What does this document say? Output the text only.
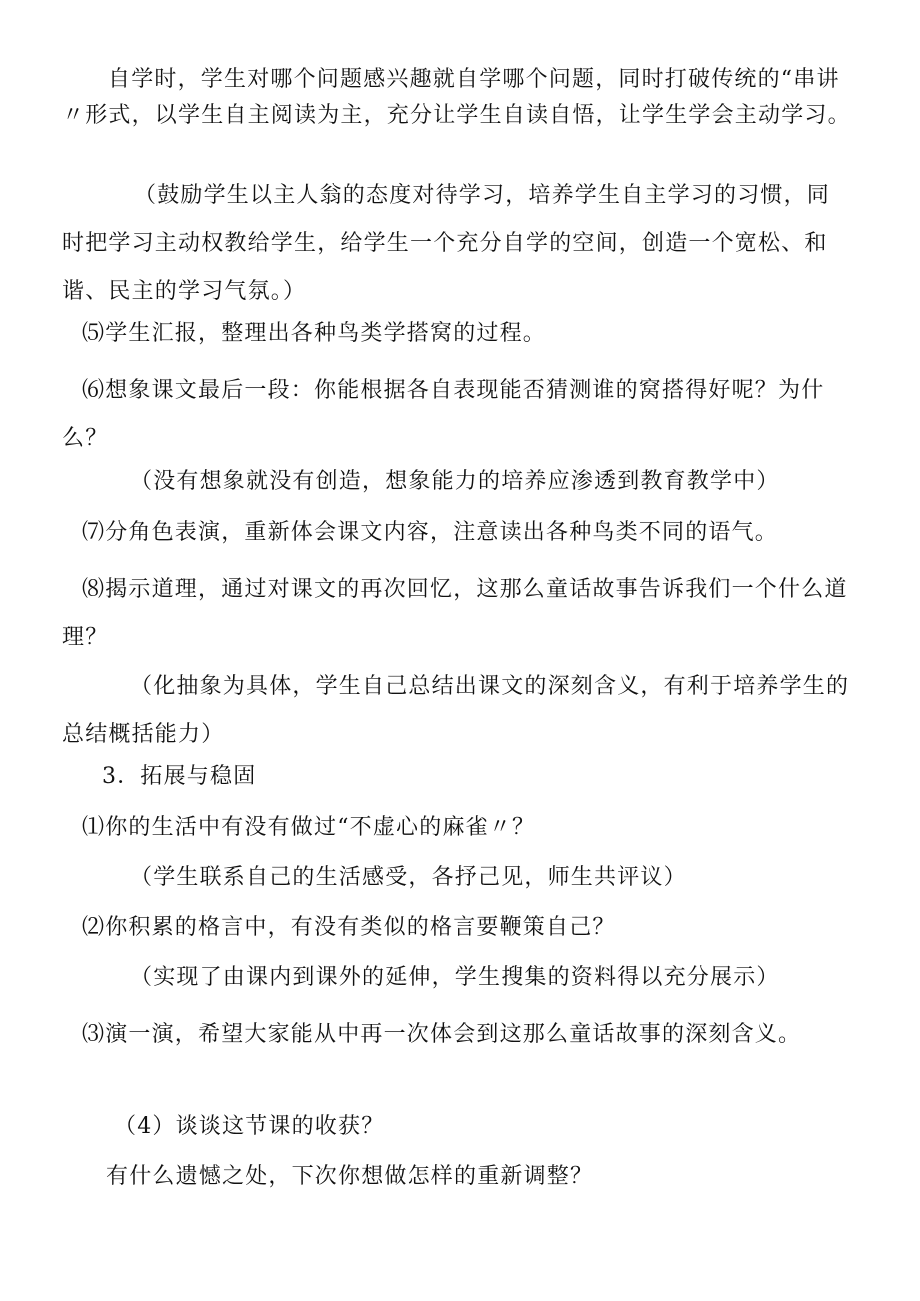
自学时，学生对哪个问题感兴趣就自学哪个问题，同时打破传统的“串讲〃形式，以学生自主阅读为主，充分让学生自读自悟，让学生学会主动学习。

（鼓励学生以主人翁的态度对待学习，培养学生自主学习的习惯，同时把学习主动权教给学生，给学生一个充分自学的空间，创造一个宽松、和谐、民主的学习气氛。）

⑸学生汇报，整理出各种鸟类学搭窝的过程。

⑹想象课文最后一段：你能根据各自表现能否猜测谁的窝搭得好呢？为什么？

（没有想象就没有创造，想象能力的培养应渗透到教育教学中）

⑺分角色表演，重新体会课文内容，注意读出各种鸟类不同的语气。

⑻揭示道理，通过对课文的再次回忆，这那么童话故事告诉我们一个什么道理？

（化抽象为具体，学生自己总结出课文的深刻含义，有利于培养学生的总结概括能力）

3．拓展与稳固

⑴你的生活中有没有做过“不虚心的麻雀〃？

（学生联系自己的生活感受，各抒己见，师生共评议）

⑵你积累的格言中，有没有类似的格言要鞭策自己？

（实现了由课内到课外的延伸，学生搜集的资料得以充分展示）

⑶演一演，希望大家能从中再一次体会到这那么童话故事的深刻含义。

（4）谈谈这节课的收获？

有什么遗憾之处，下次你想做怎样的重新调整？
